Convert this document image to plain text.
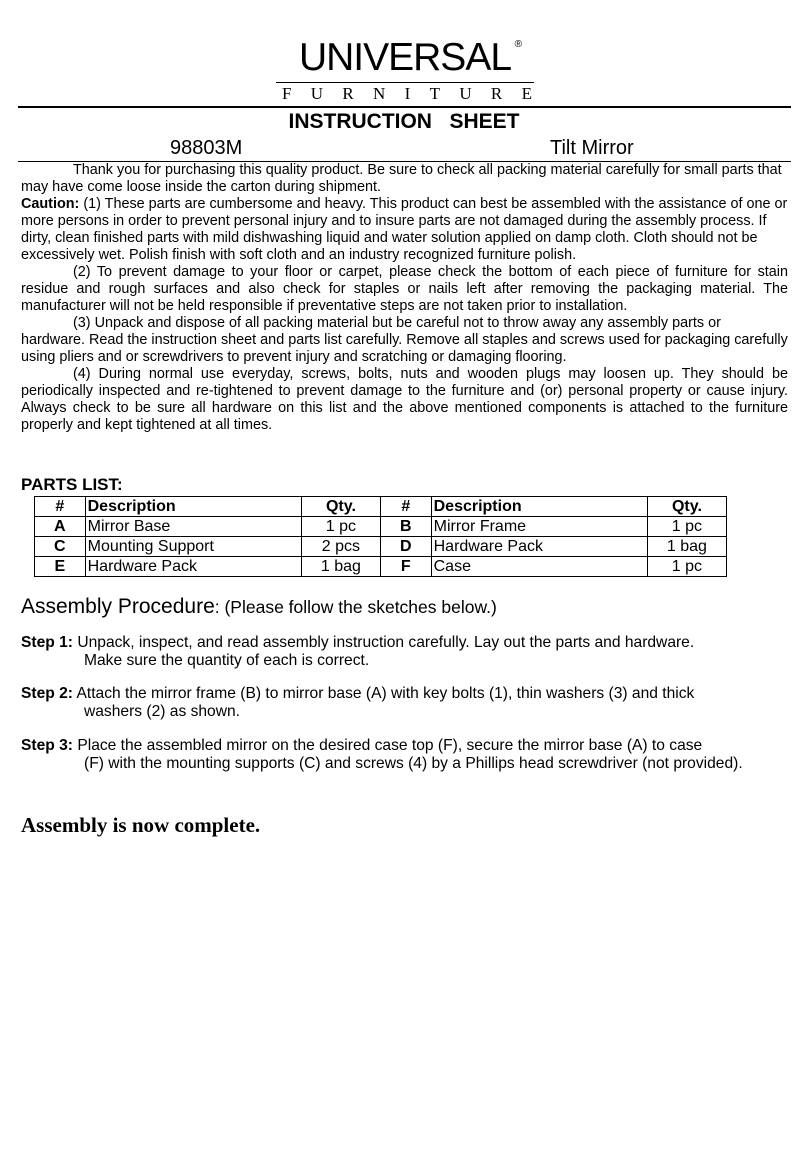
UNIVERSAL ®
F U R N I T U R E
INSTRUCTION   SHEET
98803M	Tilt Mirror

Thank you for purchasing this quality product. Be sure to check all packing material carefully for small parts that may have come loose inside the carton during shipment.

Caution: (1) These parts are cumbersome and heavy. This product can best be assembled with the assistance of one or more persons in order to prevent personal injury and to insure parts are not damaged during the assembly process. If dirty, clean finished parts with mild dishwashing liquid and water solution applied on damp cloth. Cloth should not be excessively wet. Polish finish with soft cloth and an industry recognized furniture polish.

(2) To prevent damage to your floor or carpet, please check the bottom of each piece of furniture for stain residue and rough surfaces and also check for staples or nails left after removing the packaging material. The manufacturer will not be held responsible if preventative steps are not taken prior to installation.

(3) Unpack and dispose of all packing material but be careful not to throw away any assembly parts or hardware. Read the instruction sheet and parts list carefully. Remove all staples and screws used for packaging carefully using pliers and or screwdrivers to prevent injury and scratching or damaging flooring.

(4) During normal use everyday, screws, bolts, nuts and wooden plugs may loosen up. They should be periodically inspected and re-tightened to prevent damage to the furniture and (or) personal property or cause injury. Always check to be sure all hardware on this list and the above mentioned components is attached to the furniture properly and kept tightened at all times.

PARTS LIST:
#	Description	Qty.	#	Description	Qty.
A	Mirror Base	1 pc	B	Mirror Frame	1 pc
C	Mounting Support	2 pcs	D	Hardware Pack	1 bag
E	Hardware Pack	1 bag	F	Case	1 pc
Assembly Procedure: (Please follow the sketches below.)
Step 1: Unpack, inspect, and read assembly instruction carefully. Lay out the parts and hardware.
Make sure the quantity of each is correct.
Step 2: Attach the mirror frame (B) to mirror base (A) with key bolts (1), thin washers (3) and thick
washers (2) as shown.
Step 3: Place the assembled mirror on the desired case top (F), secure the mirror base (A) to case
(F) with the mounting supports (C) and screws (4) by a Phillips head screwdriver (not provided).
Assembly is now complete.
